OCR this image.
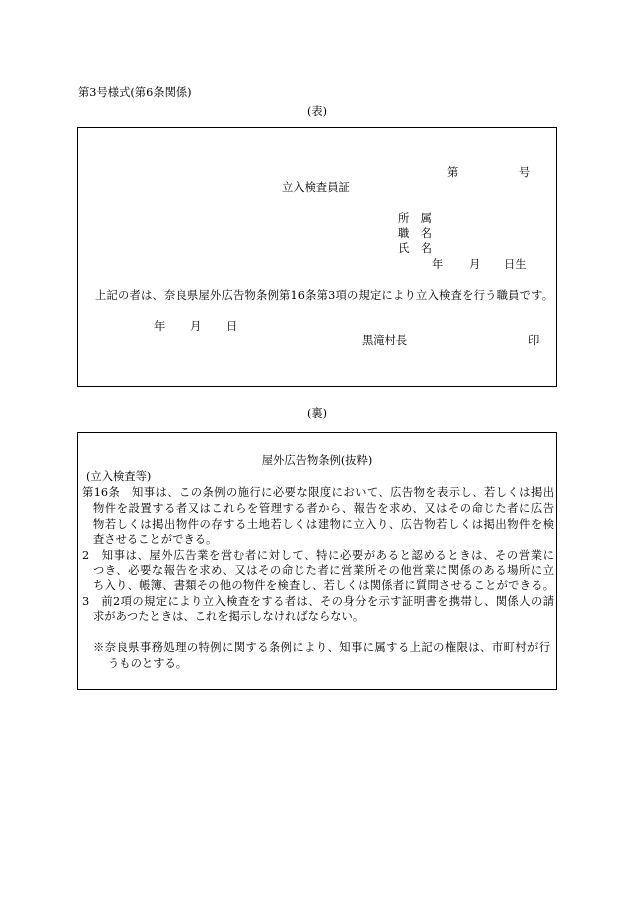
第3号様式(第6条関係)
(表)
第	号
立入検査員証
所　属
職　名
氏　名
年 月 日生
上記の者は、奈良県屋外広告物条例第16条第3項の規定により立入検査を行う職員です。
年 月 日
黒滝村長	印
(裏)
屋外広告物条例(抜粋)
(立入検査等)
第16条　知事は、この条例の施行に必要な限度において、広告物を表示し、若しくは掲出
物件を設置する者又はこれらを管理する者から、報告を求め、又はその命じた者に広告
物若しくは掲出物件の存する土地若しくは建物に立入り、広告物若しくは掲出物件を検
査させることができる。
2　知事は、屋外広告業を営む者に対して、特に必要があると認めるときは、その営業に
つき、必要な報告を求め、又はその命じた者に営業所その他営業に関係のある場所に立
ち入り、帳簿、書類その他の物件を検査し、若しくは関係者に質問させることができる。
3　前2項の規定により立入検査をする者は、その身分を示す証明書を携帯し、関係人の請
求があつたときは、これを掲示しなければならない。
※奈良県事務処理の特例に関する条例により、知事に属する上記の権限は、市町村が行
うものとする。
